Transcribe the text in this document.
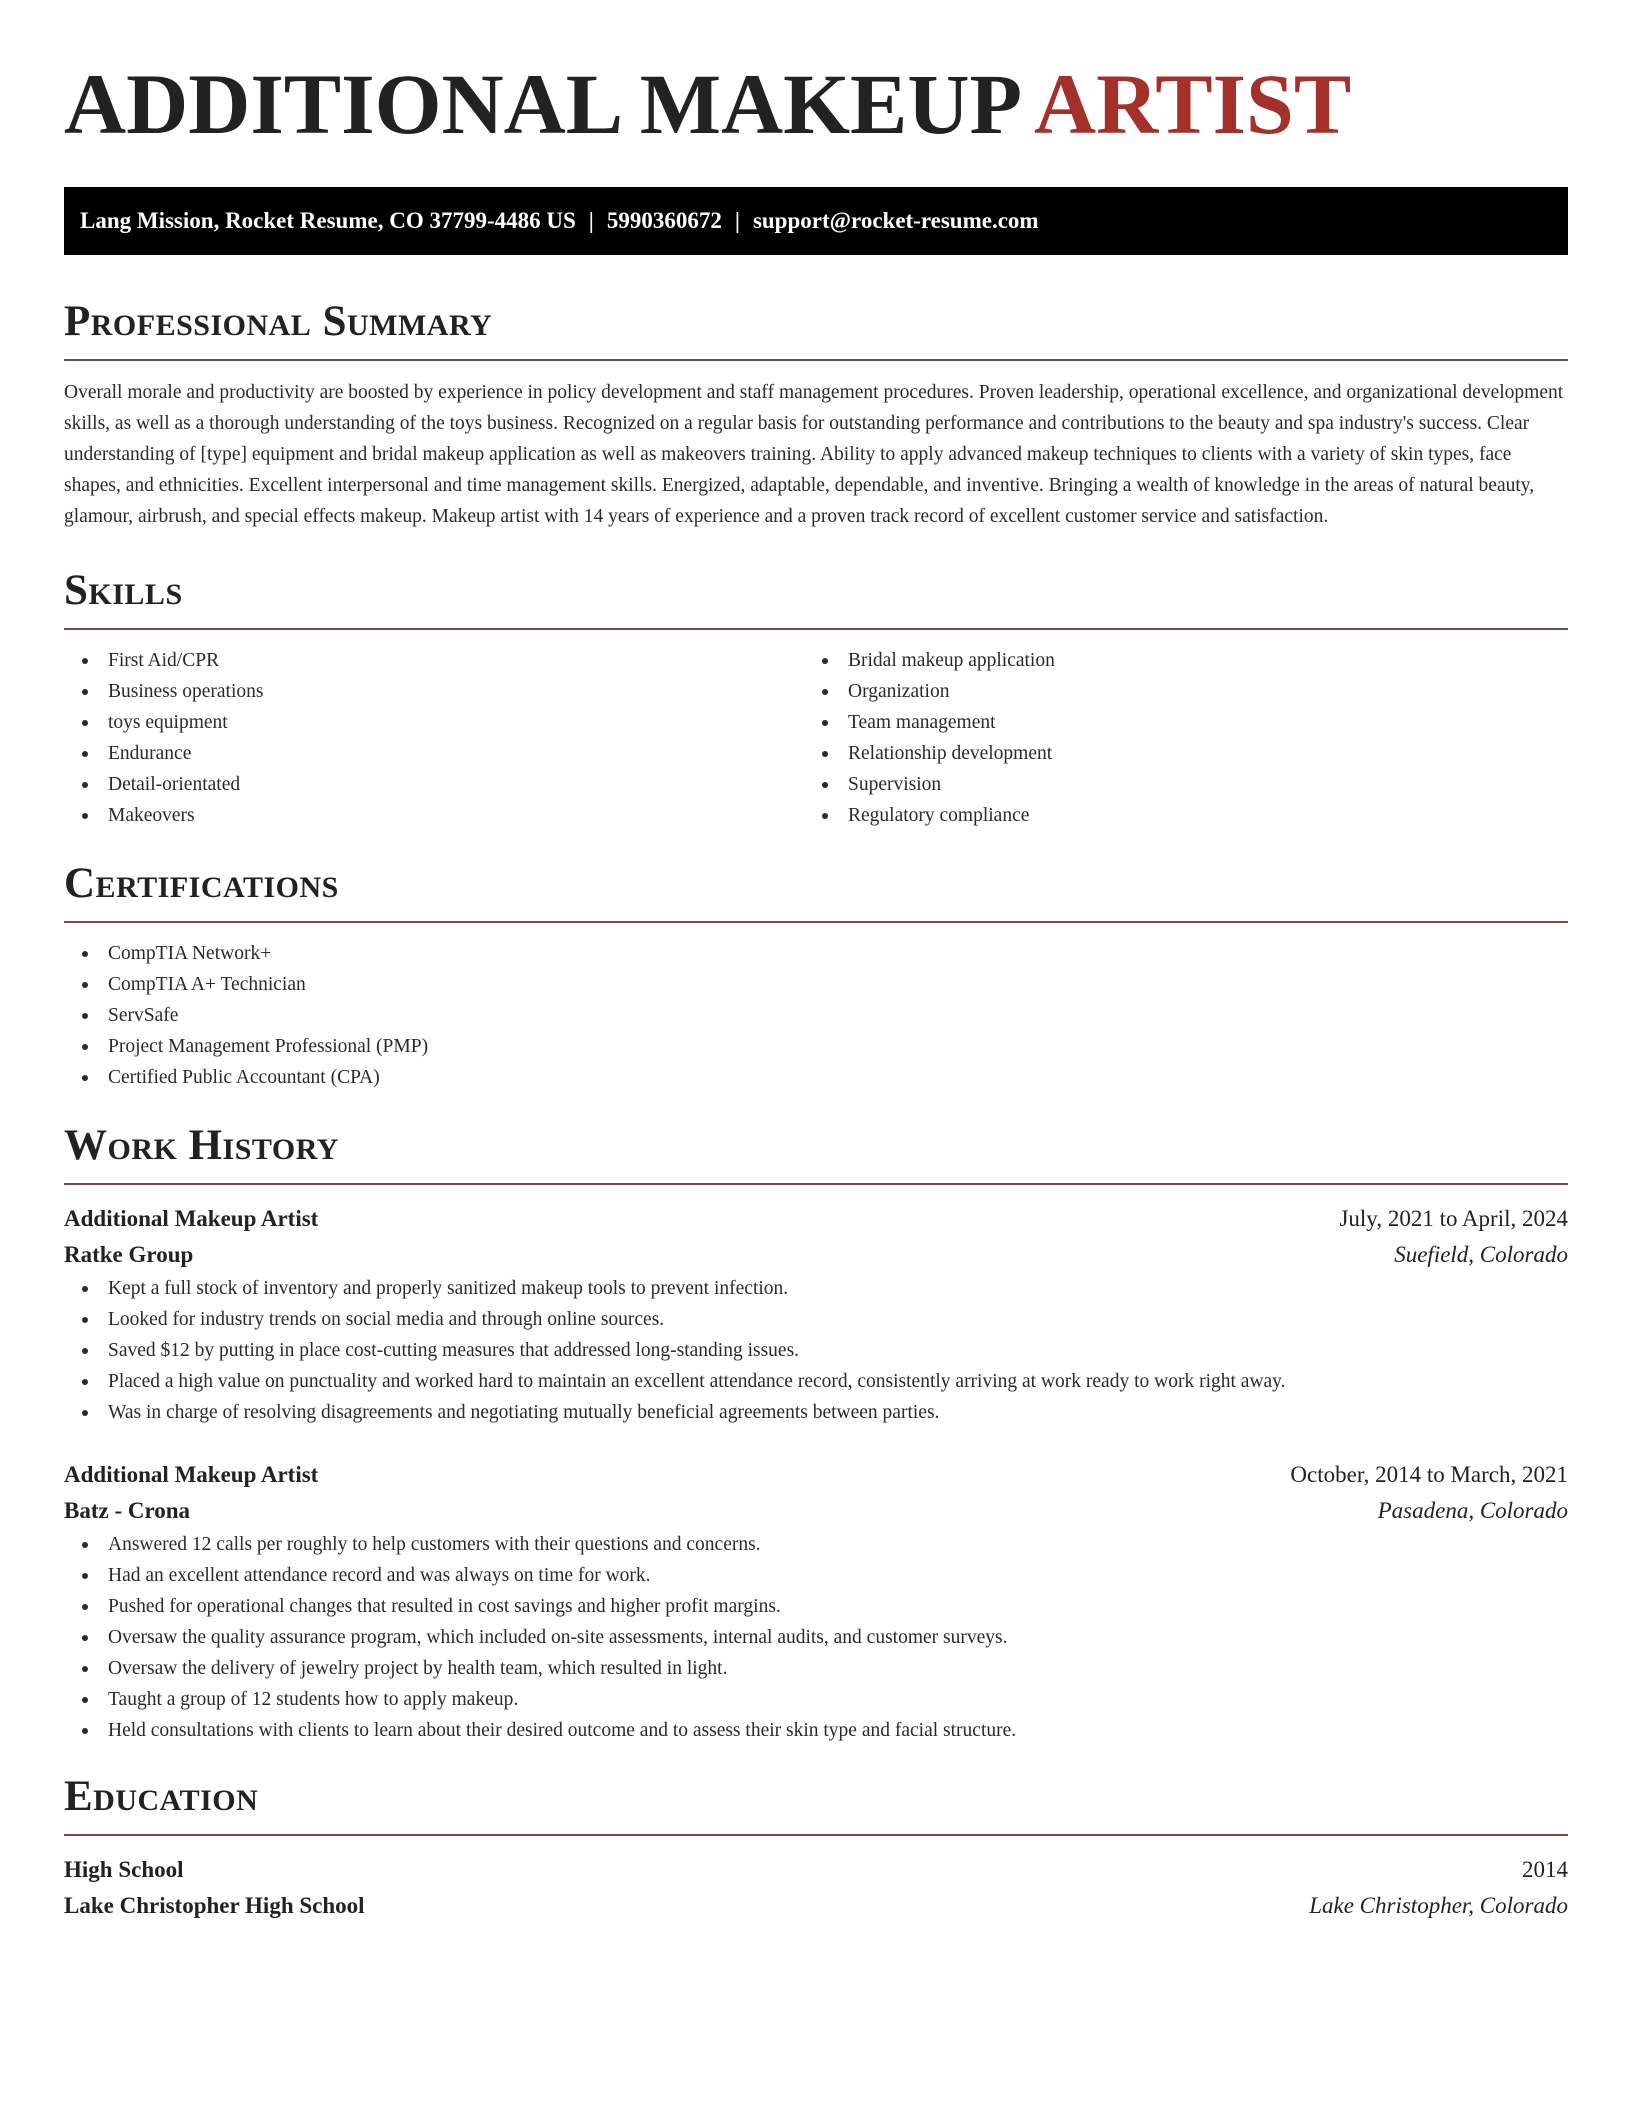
ADDITIONAL MAKEUP ARTIST
Lang Mission, Rocket Resume, CO 37799-4486 US | 5990360672 | support@rocket-resume.com
Professional Summary

Overall morale and productivity are boosted by experience in policy development and staff management procedures. Proven leadership, operational excellence, and organizational development skills, as well as a thorough understanding of the toys business. Recognized on a regular basis for outstanding performance and contributions to the beauty and spa industry's success. Clear understanding of [type] equipment and bridal makeup application as well as makeovers training. Ability to apply advanced makeup techniques to clients with a variety of skin types, face shapes, and ethnicities. Excellent interpersonal and time management skills. Energized, adaptable, dependable, and inventive. Bringing a wealth of knowledge in the areas of natural beauty, glamour, airbrush, and special effects makeup. Makeup artist with 14 years of experience and a proven track record of excellent customer service and satisfaction.

Skills
First Aid/CPR
Business operations
toys equipment
Endurance
Detail-orientated
Makeovers
Bridal makeup application
Organization
Team management
Relationship development
Supervision
Regulatory compliance
Certifications
CompTIA Network+
CompTIA A+ Technician
ServSafe
Project Management Professional (PMP)
Certified Public Accountant (CPA)
Work History
Additional Makeup Artist	July, 2021 to April, 2024
Ratke Group	Suefield, Colorado
Kept a full stock of inventory and properly sanitized makeup tools to prevent infection.
Looked for industry trends on social media and through online sources.
Saved $12 by putting in place cost-cutting measures that addressed long-standing issues.
Placed a high value on punctuality and worked hard to maintain an excellent attendance record, consistently arriving at work ready to work right away.
Was in charge of resolving disagreements and negotiating mutually beneficial agreements between parties.
Additional Makeup Artist	October, 2014 to March, 2021
Batz - Crona	Pasadena, Colorado
Answered 12 calls per roughly to help customers with their questions and concerns.
Had an excellent attendance record and was always on time for work.
Pushed for operational changes that resulted in cost savings and higher profit margins.
Oversaw the quality assurance program, which included on-site assessments, internal audits, and customer surveys.
Oversaw the delivery of jewelry project by health team, which resulted in light.
Taught a group of 12 students how to apply makeup.
Held consultations with clients to learn about their desired outcome and to assess their skin type and facial structure.
Education
High School	2014
Lake Christopher High School	Lake Christopher, Colorado
